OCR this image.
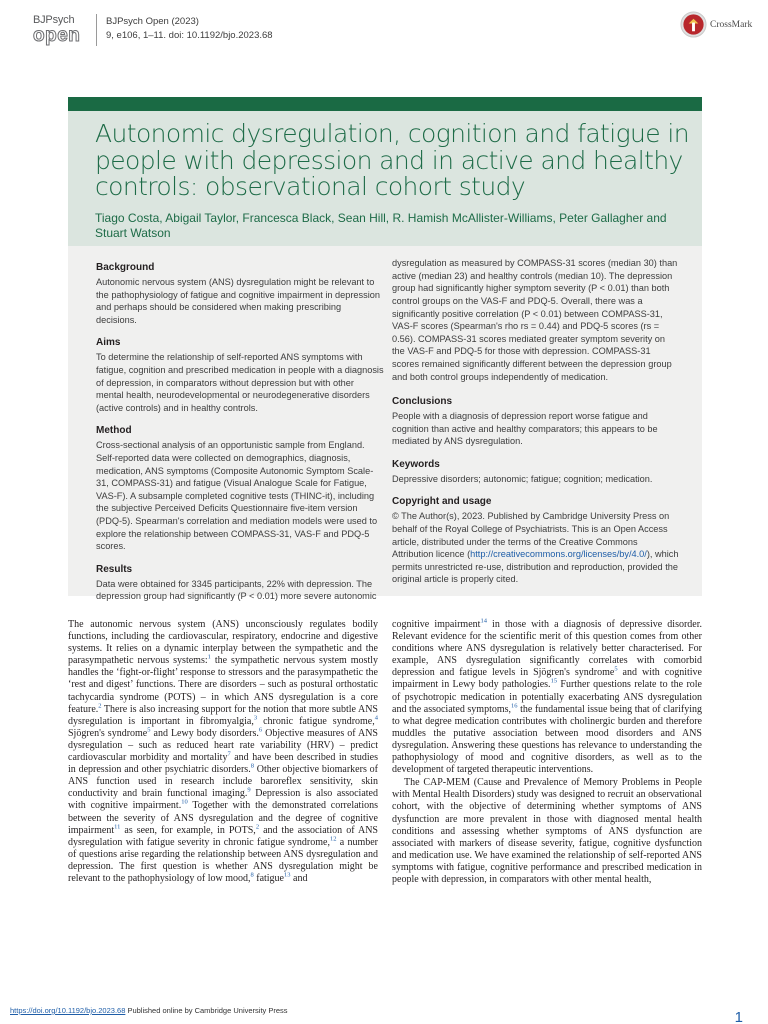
BJPsych
open
BJPsych Open (2023)
9, e106, 1–11. doi: 10.1192/bjo.2023.68
CrossMark
Autonomic dysregulation, cognition and fatigue in people with depression and in active and healthy controls: observational cohort study
Tiago Costa, Abigail Taylor, Francesca Black, Sean Hill, R. Hamish McAllister-Williams, Peter Gallagher and Stuart Watson
Background

Autonomic nervous system (ANS) dysregulation might be relevant to the pathophysiology of fatigue and cognitive impairment in depression and perhaps should be considered when making prescribing decisions.

Aims

To determine the relationship of self-reported ANS symptoms with fatigue, cognition and prescribed medication in people with a diagnosis of depression, in comparators without depression but with other mental health, neurodevelopmental or neurodegenerative disorders (active controls) and in healthy controls.

Method

Cross-sectional analysis of an opportunistic sample from England. Self-reported data were collected on demographics, diagnosis, medication, ANS symptoms (Composite Autonomic Symptom Scale-31, COMPASS-31) and fatigue (Visual Analogue Scale for Fatigue, VAS-F). A subsample completed cognitive tests (THINC-it), including the subjective Perceived Deficits Questionnaire five-item version (PDQ-5). Spearman's correlation and mediation models were used to explore the relationship between COMPASS-31, VAS-F and PDQ-5 scores.

Results

Data were obtained for 3345 participants, 22% with depression. The depression group had significantly (P < 0.01) more severe autonomic

dysregulation as measured by COMPASS-31 scores (median 30) than active (median 23) and healthy controls (median 10). The depression group had significantly higher symptom severity (P < 0.01) than both control groups on the VAS-F and PDQ-5. Overall, there was a significantly positive correlation (P < 0.01) between COMPASS-31, VAS-F scores (Spearman's rho rs = 0.44) and PDQ-5 scores (rs = 0.56). COMPASS-31 scores mediated greater symptom severity on the VAS-F and PDQ-5 for those with depression. COMPASS-31 scores remained significantly different between the depression group and both control groups independently of medication.

Conclusions

People with a diagnosis of depression report worse fatigue and cognition than active and healthy comparators; this appears to be mediated by ANS dysregulation.

Keywords

Depressive disorders; autonomic; fatigue; cognition; medication.

Copyright and usage

© The Author(s), 2023. Published by Cambridge University Press on behalf of the Royal College of Psychiatrists. This is an Open Access article, distributed under the terms of the Creative Commons Attribution licence (http://creativecommons.org/licenses/by/4.0/), which permits unrestricted re-use, distribution and reproduction, provided the original article is properly cited.

The autonomic nervous system (ANS) unconsciously regulates bodily functions, including the cardiovascular, respiratory, endocrine and digestive systems. It relies on a dynamic interplay between the sympathetic and the parasympathetic nervous systems:$^1$ the sympathetic nervous system mostly handles the ‘fight-or-flight’ response to stressors and the parasympathetic the ‘rest and digest’ functions. There are disorders – such as postural orthostatic tachycardia syndrome (POTS) – in which ANS dysregulation is a core feature.$^2$ There is also increasing support for the notion that more subtle ANS dysregulation is important in fibromyalgia,$^3$ chronic fatigue syndrome,$^4$ Sjögren's syndrome$^5$ and Lewy body disorders.$^6$ Objective measures of ANS dysregulation – such as reduced heart rate variability (HRV) – predict cardiovascular morbidity and mortality$^7$ and have been described in studies in depression and other psychiatric disorders.$^8$ Other objective biomarkers of ANS function used in research include baroreflex sensitivity, skin conductivity and brain functional imaging.$^9$ Depression is also associated with cognitive impairment.$^{10}$ Together with the demonstrated correlations between the severity of ANS dysregulation and the degree of cognitive impairment$^{11}$ as seen, for example, in POTS,$^2$ and the association of ANS dysregulation with fatigue severity in chronic fatigue syndrome,$^{12}$ a number of questions arise regarding the relationship between ANS dysregulation and depression. The first question is whether ANS dysregulation might be relevant to the pathophysiology of low mood,$^8$ fatigue$^{13}$ and

cognitive impairment$^{14}$ in those with a diagnosis of depressive disorder. Relevant evidence for the scientific merit of this question comes from other conditions where ANS dysregulation is relatively better characterised. For example, ANS dysregulation significantly correlates with comorbid depression and fatigue levels in Sjögren's syndrome$^5$ and with cognitive impairment in Lewy body pathologies.$^{15}$ Further questions relate to the role of psychotropic medication in potentially exacerbating ANS dysregulation and the associated symptoms,$^{16}$ the fundamental issue being that of clarifying to what degree medication contributes with cholinergic burden and therefore muddles the putative association between mood disorders and ANS dysregulation. Answering these questions has relevance to understanding the pathophysiology of mood and cognitive disorders, as well as to the development of targeted therapeutic interventions.

The CAP-MEM (Cause and Prevalence of Memory Problems in People with Mental Health Disorders) study was designed to recruit an observational cohort, with the objective of determining whether symptoms of ANS dysfunction are more prevalent in those with diagnosed mental health conditions and assessing whether symptoms of ANS dysfunction are associated with markers of disease severity, fatigue, cognitive dysfunction and medication use. We have examined the relationship of self-reported ANS symptoms with fatigue, cognitive performance and prescribed medication in people with depression, in comparators with other mental health,

https://doi.org/10.1192/bjo.2023.68 Published online by Cambridge University Press	1
